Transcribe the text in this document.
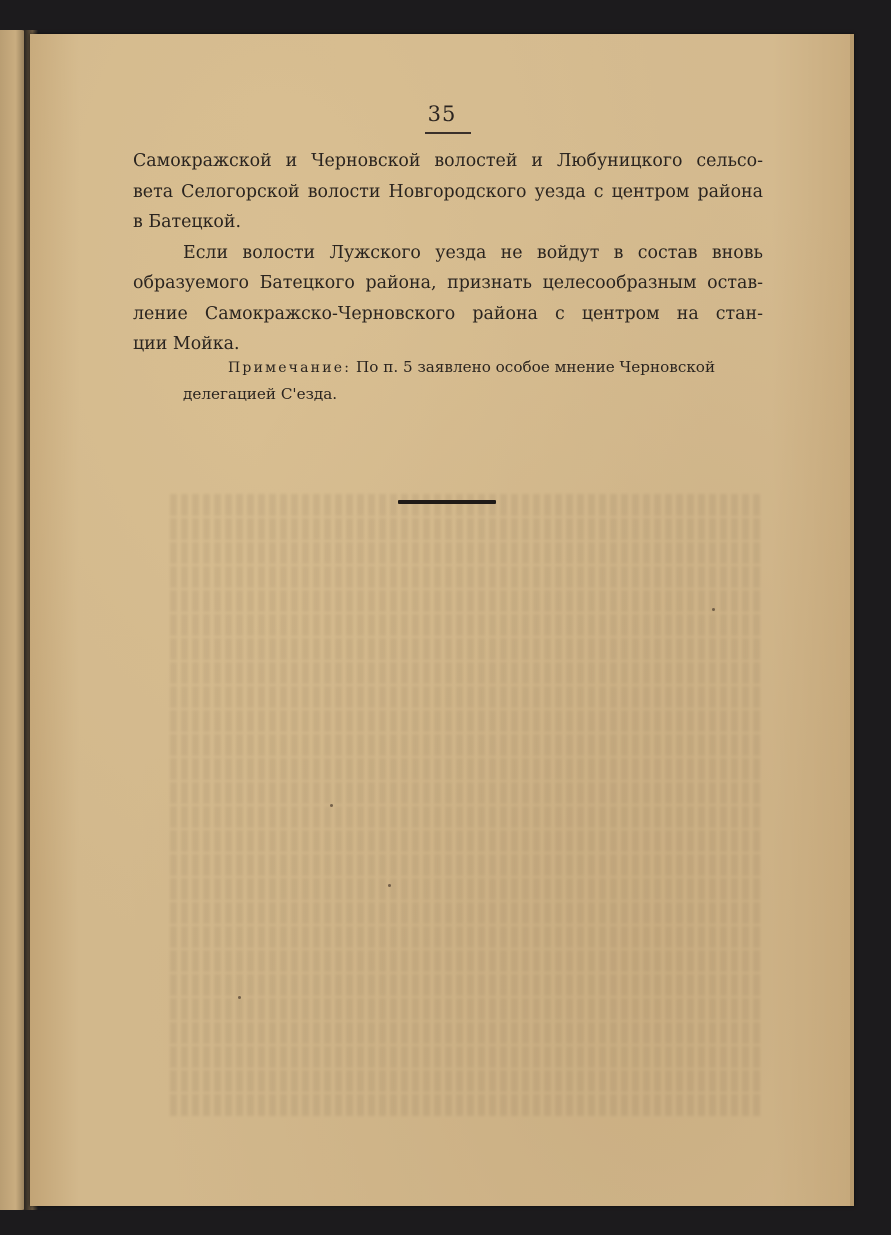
35
Самокражской и Черновской волостей и Любуницкого сельсо-
вета Селогорской волости Новгородского уезда с центром района
в Батецкой.
Если волости Лужского уезда не войдут в состав вновь
образуемого Батецкого района, признать целесообразным остав-
ление Самокражско-Черновского района с центром на стан-
ции Мойка.
Примечание: По п. 5 заявлено особое мнение Черновской
делегацией С'езда.
